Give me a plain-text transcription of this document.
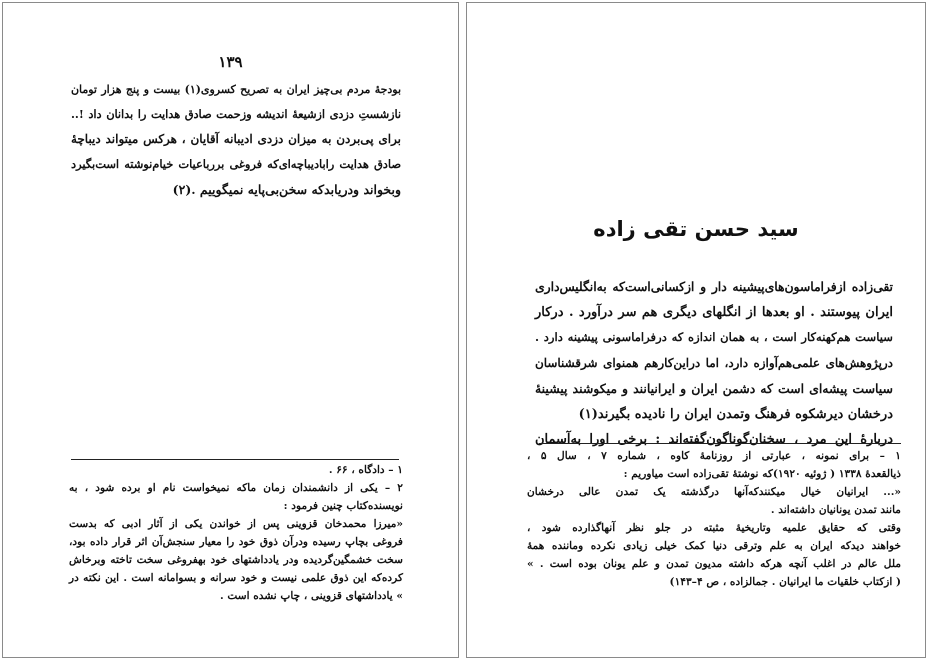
۱۳۹
بودجهٔ مردم بی‌چیز ایران به تصریح کسروی(۱) بیست و پنج هزار تومان
نازشستِ دزدی ازشیعهٔ اندیشه وزحمت صادق هدایت را بدانان داد !..
برای پی‌بردن به میزان دزدی ادیبانه آقایان ، هرکس میتواند دیباچهٔ
صادق هدایت رابادیباچه‌ای‌که فروغی بررباعیات خیام‌نوشته است‌بگیرد
وبخواند ودریابدکه سخن‌بی‌پایه نمیگوییم .(۲)
۱ – دادگاه ، ۶۶ .
۲ – یکی از دانشمندان زمان ماکه نمیخواست نام او برده شود ، به
نویسنده‌کتاب چنین فرمود :
«میرزا محمدخان قزوینی پس از خواندن یکی از آثار ادبی که بدست
فروغی بچاپ رسیده ودرآن ذوق خود را معیار سنجش‌آن اثر قرار داده بود،
سخت خشمگین‌گردیده ودر یادداشتهای خود بهفروغی سخت تاخته وبرخاش
کرده‌که این ذوق علمی نیست و خود سرانه و بسوامانه است . این نکته در
» یادداشتهای قزوینی ، چاپ نشده است .
سید حسن تقی زاده
تقی‌زاده ازفراماسون‌های‌پیشینه‌ دار و ازکسانی‌است‌که به‌انگلیس‌داری
ایران پیوستند . او بعدها از انگلهای دیگری هم سر درآورد . درکار
سیاست هم‌کهنه‌کار است ، به همان اندازه که درفراماسونی پیشینه دارد .
درپژوهش‌های علمی‌هم‌آوازه دارد، اما دراین‌کارهم همنوای شرقشناسان
سیاست پیشه‌ای است که دشمن ایران و ایرانیانند و میکوشند پیشینهٔ
درخشان دیرشکوه فرهنگ وتمدن ایران را نادیده بگیرند(۱)
درباره‌ٔ این مرد ، سخنان‌گوناگون‌گفته‌اند : برخی اورا به‌آسمان
۱ – برای نمونه ، عبارتی از روزنامهٔ کاوه ، شماره ۷ ، سال ۵ ،
ذیالقعدهٔ ۱۳۳۸ ( ژوئیه ۱۹۲۰)که نوشتهٔ تقی‌زاده است میاوریم :
«... ایرانیان خیال میکنندکه‌آنها درگذشته یک تمدن عالی درخشان
مانند تمدن یونانیان داشته‌اند .
وقتی که حقایق علمیه وتاریخیهٔ مثبته در جلو نظر آنهاگذارده شود ،
خواهند دیدکه ایران به علم وترقی دنیا کمک خیلی زیادی نکرده وماننده همهٔ
ملل عالم در اغلب آنچه هرکه داشته مدیون تمدن و علم یونان بوده است . »
( ازکتاب خلقیات ما ایرانیان . جمالزاده ، ص ۴–۱۴۳)
